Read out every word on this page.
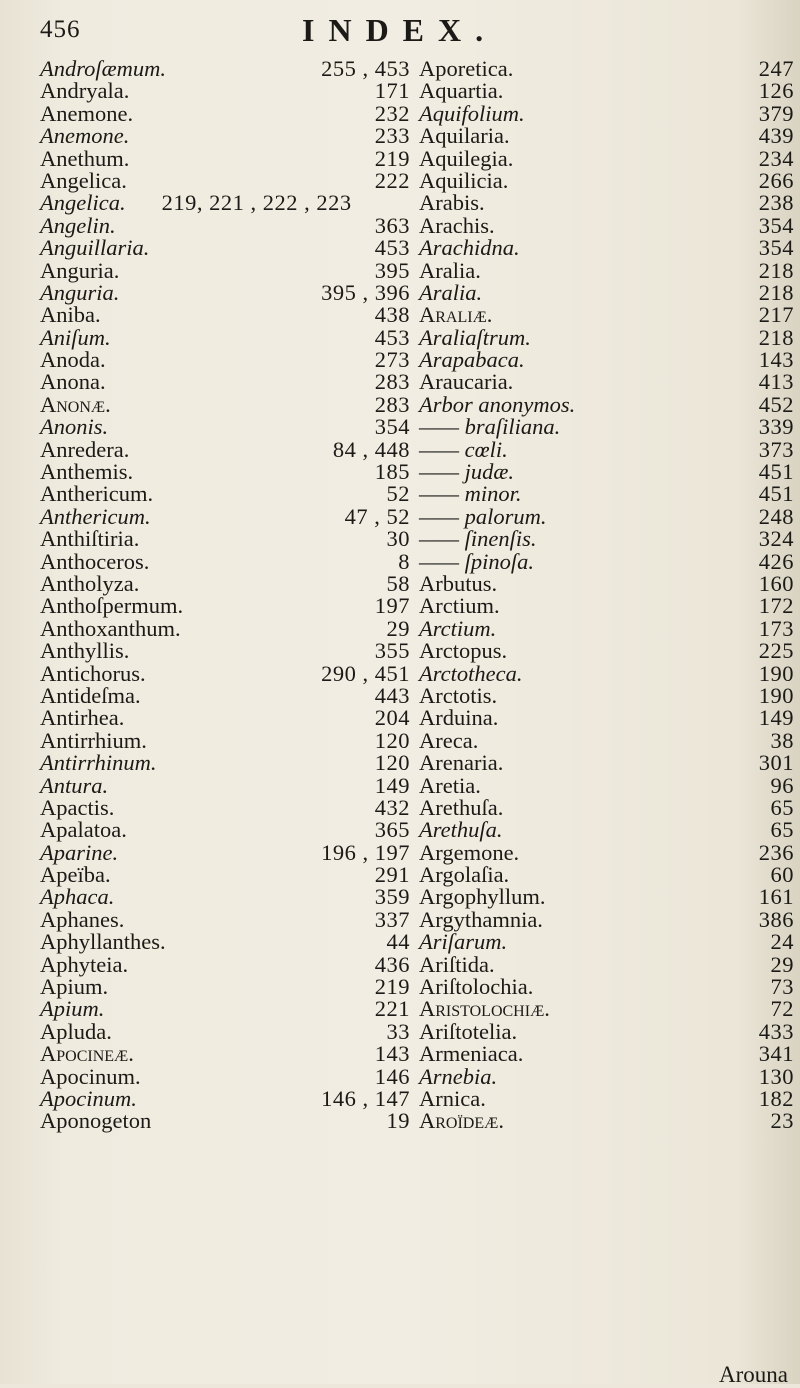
456	INDEX.
Androſæmum.	255 , 453
Andryala.	171
Anemone.	232
Anemone.	233
Anethum.	219
Angelica.	222
Angelica.	219, 221 , 222 , 223
Angelin.	363
Anguillaria.	453
Anguria.	395
Anguria.	395 , 396
Aniba.	438
Aniſum.	453
Anoda.	273
Anona.	283
Anonæ.	283
Anonis.	354
Anredera.	84 , 448
Anthemis.	185
Anthericum.	52
Anthericum.	47 , 52
Anthiſtiria.	30
Anthoceros.	8
Antholyza.	58
Anthoſpermum.	197
Anthoxanthum.	29
Anthyllis.	355
Antichorus.	290 , 451
Antideſma.	443
Antirhea.	204
Antirrhium.	120
Antirrhinum.	120
Antura.	149
Apactis.	432
Apalatoa.	365
Aparine.	196 , 197
Apeïba.	291
Aphaca.	359
Aphanes.	337
Aphyllanthes.	44
Aphyteia.	436
Apium.	219
Apium.	221
Apluda.	33
Apocineæ.	143
Apocinum.	146
Apocinum.	146 , 147
Aponogeton	19
Aporetica.	247
Aquartia.	126
Aquifolium.	379
Aquilaria.	439
Aquilegia.	234
Aquilicia.	266
Arabis.	238
Arachis.	354
Arachidna.	354
Aralia.	218
Aralia.	218
Araliæ.	217
Araliaſtrum.	218
Arapabaca.	143
Araucaria.	413
Arbor anonymos.	452
—— braſiliana.	339
—— cœli.	373
—— judæ.	451
—— minor.	451
—— palorum.	248
—— ſinenſis.	324
—— ſpinoſa.	426
Arbutus.	160
Arctium.	172
Arctium.	173
Arctopus.	225
Arctotheca.	190
Arctotis.	190
Arduina.	149
Areca.	38
Arenaria.	301
Aretia.	96
Arethuſa.	65
Arethuſa.	65
Argemone.	236
Argolaſia.	60
Argophyllum.	161
Argythamnia.	386
Ariſarum.	24
Ariſtida.	29
Ariſtolochia.	73
Aristolochiæ.	72
Ariſtotelia.	433
Armeniaca.	341
Arnebia.	130
Arnica.	182
Aroïdeæ.	23
Arouna
